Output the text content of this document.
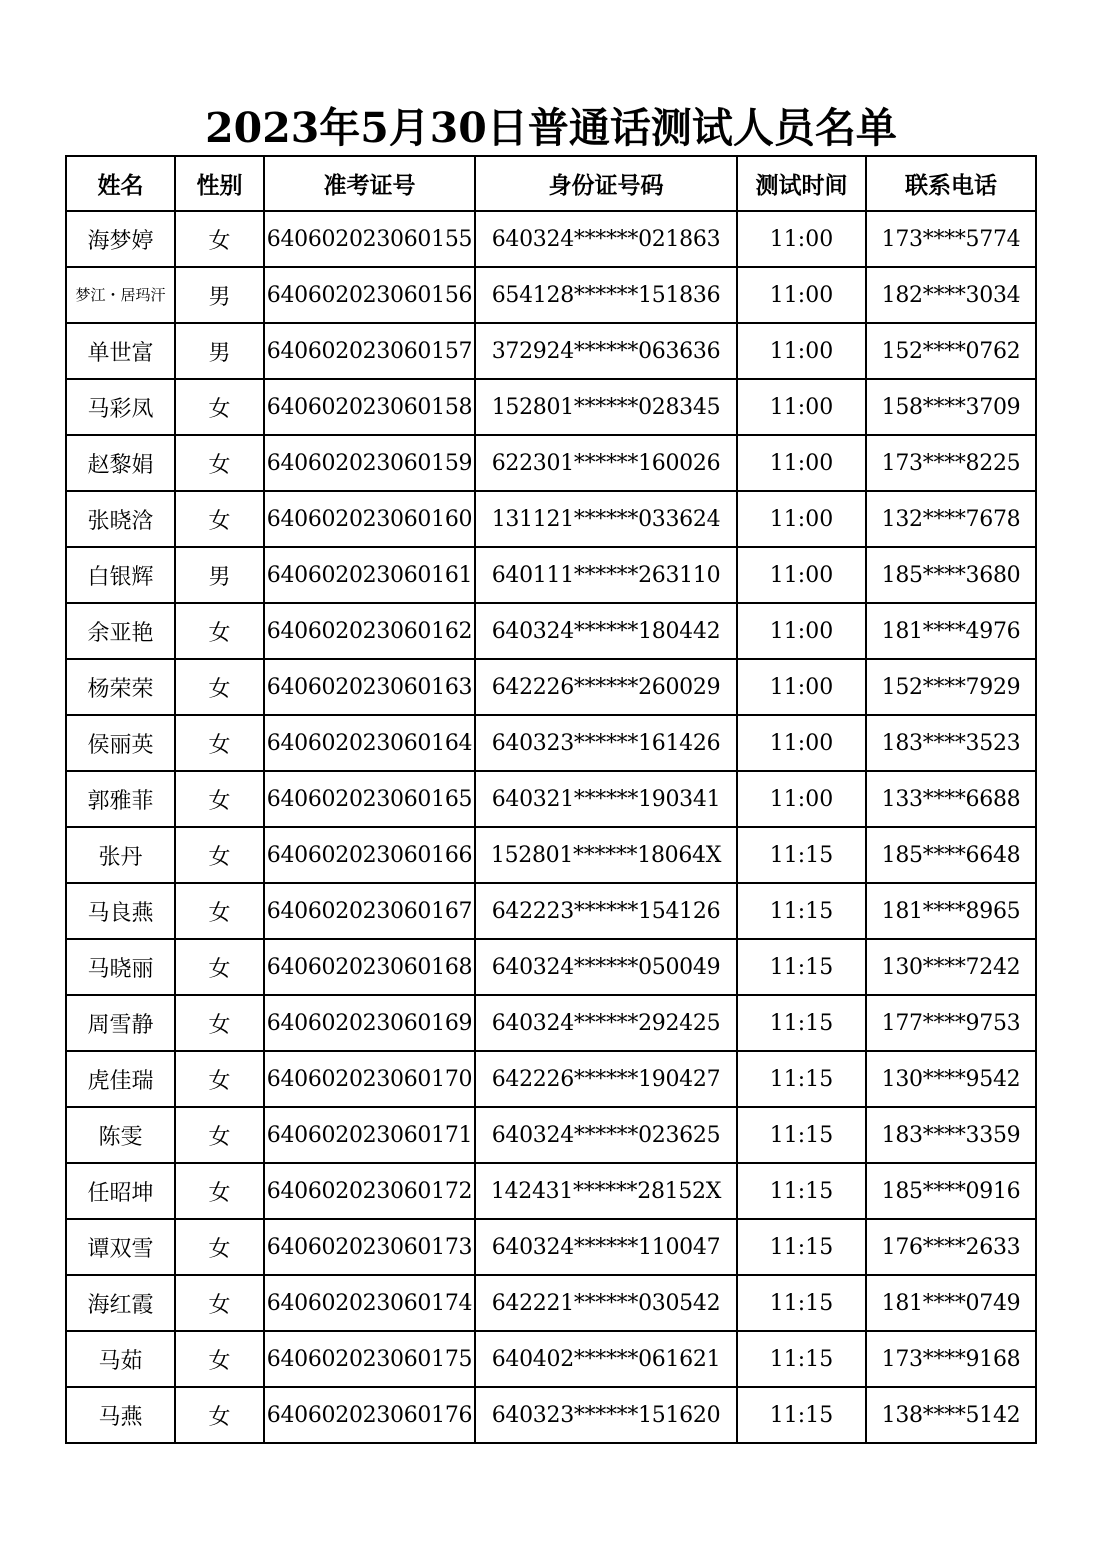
2023年5月30日普通话测试人员名单
姓名	性别	准考证号	身份证号码	测试时间	联系电话
海梦婷	女	640602023060155	640324******021863	11:00	173****5774
梦江・居玛汗	男	640602023060156	654128******151836	11:00	182****3034
单世富	男	640602023060157	372924******063636	11:00	152****0762
马彩凤	女	640602023060158	152801******028345	11:00	158****3709
赵黎娟	女	640602023060159	622301******160026	11:00	173****8225
张晓浛	女	640602023060160	131121******033624	11:00	132****7678
白银辉	男	640602023060161	640111******263110	11:00	185****3680
余亚艳	女	640602023060162	640324******180442	11:00	181****4976
杨荣荣	女	640602023060163	642226******260029	11:00	152****7929
侯丽英	女	640602023060164	640323******161426	11:00	183****3523
郭雅菲	女	640602023060165	640321******190341	11:00	133****6688
张丹	女	640602023060166	152801******18064X	11:15	185****6648
马良燕	女	640602023060167	642223******154126	11:15	181****8965
马晓丽	女	640602023060168	640324******050049	11:15	130****7242
周雪静	女	640602023060169	640324******292425	11:15	177****9753
虎佳瑞	女	640602023060170	642226******190427	11:15	130****9542
陈雯	女	640602023060171	640324******023625	11:15	183****3359
任昭坤	女	640602023060172	142431******28152X	11:15	185****0916
谭双雪	女	640602023060173	640324******110047	11:15	176****2633
海红霞	女	640602023060174	642221******030542	11:15	181****0749
马茹	女	640602023060175	640402******061621	11:15	173****9168
马燕	女	640602023060176	640323******151620	11:15	138****5142
